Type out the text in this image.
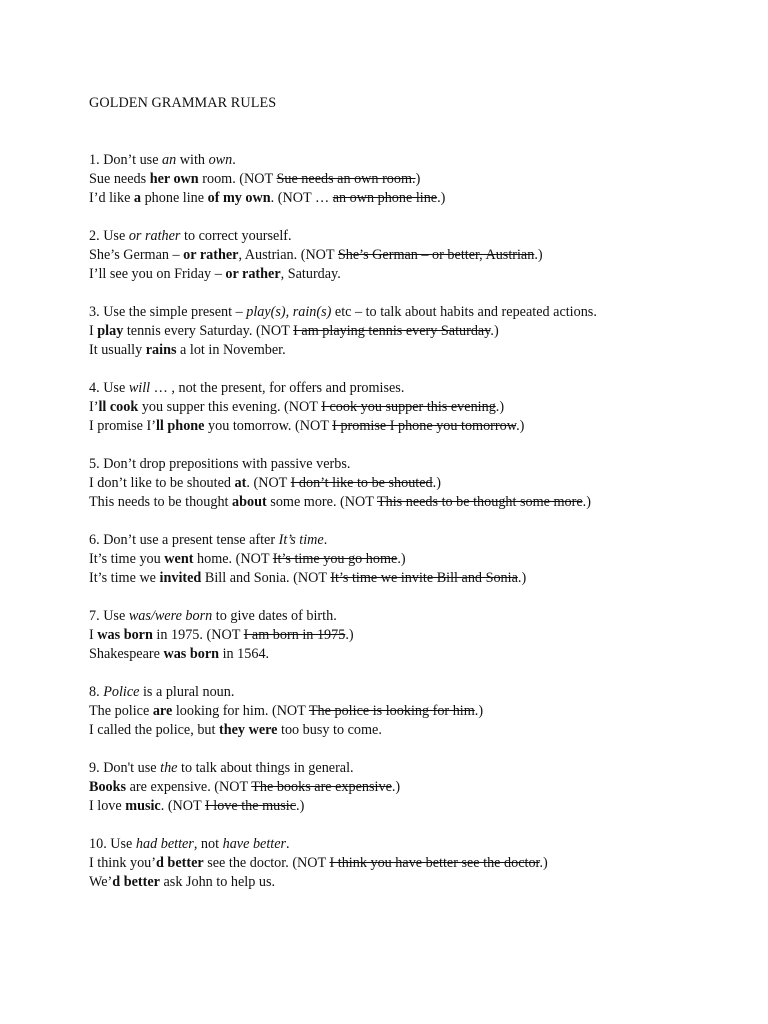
GOLDEN GRAMMAR RULES
1. Don’t use an with own.
Sue needs her own room. (NOT Sue needs an own room.)
I’d like a phone line of my own. (NOT … an own phone line.)
2. Use or rather to correct yourself.
She’s German – or rather, Austrian. (NOT She’s German – or better, Austrian.)
I’ll see you on Friday – or rather, Saturday.
3. Use the simple present – play(s), rain(s) etc – to talk about habits and repeated actions.
I play tennis every Saturday. (NOT I am playing tennis every Saturday.)
It usually rains a lot in November.
4. Use will … , not the present, for offers and promises.
I’ll cook you supper this evening. (NOT I cook you supper this evening.)
I promise I’ll phone you tomorrow. (NOT I promise I phone you tomorrow.)
5. Don’t drop prepositions with passive verbs.
I don’t like to be shouted at. (NOT I don’t like to be shouted.)
This needs to be thought about some more. (NOT This needs to be thought some more.)
6. Don’t use a present tense after It’s time.
It’s time you went home. (NOT It’s time you go home.)
It’s time we invited Bill and Sonia. (NOT It’s time we invite Bill and Sonia.)
7. Use was/were born to give dates of birth.
I was born in 1975. (NOT I am born in 1975.)
Shakespeare was born in 1564.
8. Police is a plural noun.
The police are looking for him. (NOT The police is looking for him.)
I called the police, but they were too busy to come.
9. Don't use the to talk about things in general.
Books are expensive. (NOT The books are expensive.)
I love music. (NOT I love the music.)
10. Use had better, not have better.
I think you’d better see the doctor. (NOT I think you have better see the doctor.)
We’d better ask John to help us.
